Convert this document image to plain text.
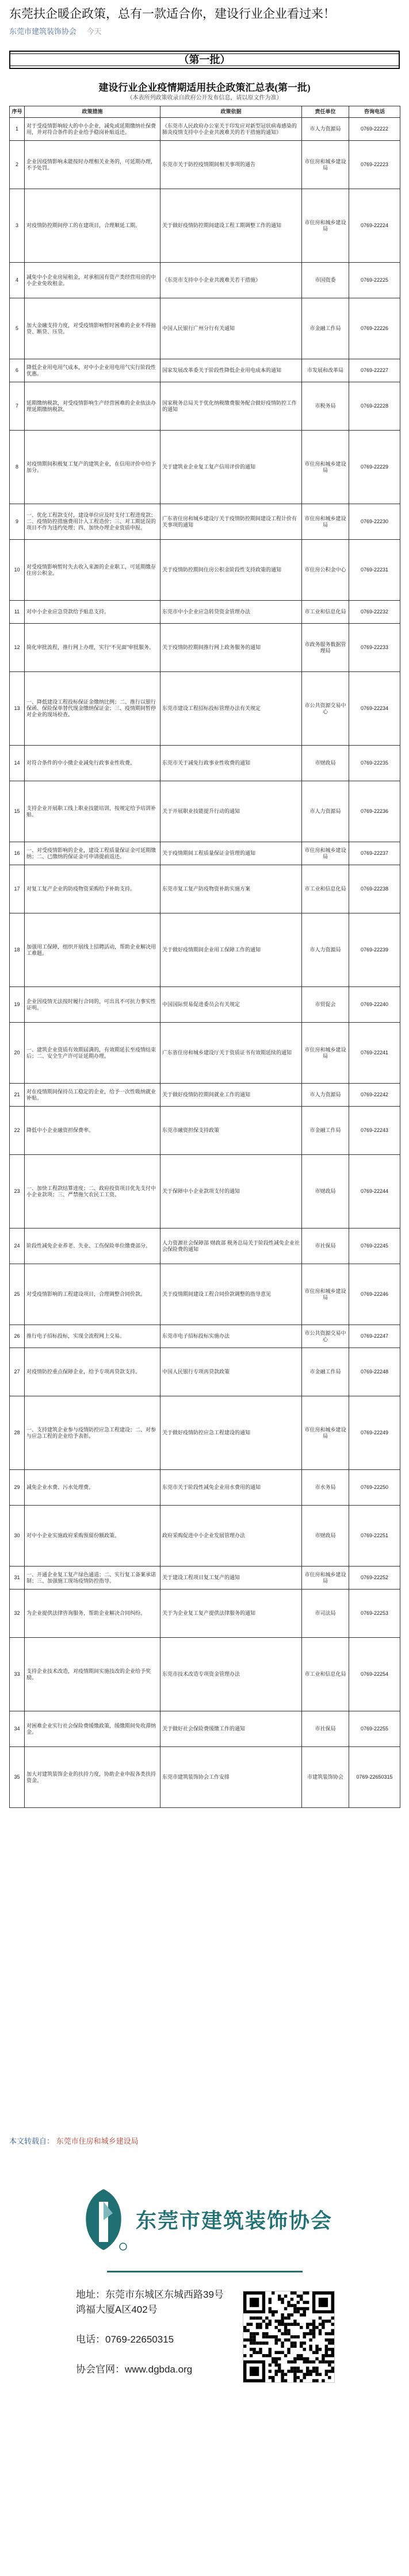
东莞扶企暖企政策，总有一款适合你，建设行业企业看过来！
东莞市建筑装饰协会 今天
（第一批）
建设行业企业疫情期适用扶企政策汇总表(第一批)
（本表所列政策收录自政府公开发布信息，请以原文件为准）
序号	政策措施	政策依据	责任单位	咨询电话
1	对于受疫情影响较大的中小企业，减免或延期缴纳社保费用，并对符合条件的企业给予稳岗补贴返还。	《东莞市人民政府办公室关于印发应对新型冠状病毒感染的肺炎疫情支持中小企业共渡难关的若干措施的通知》	市人力资源局	0769-22222
2	企业因疫情影响未能按时办理相关业务的，可延期办理，不予处罚。	东莞市关于防控疫情期间相关事项的通告	市住房和城乡建设局	0769-22223
3	对疫情防控期间停工的在建项目，合理顺延工期。	关于做好疫情防控期间建设工程工期调整工作的通知	市住房和城乡建设局	0769-22224
4	减免中小企业房屋租金，对承租国有资产类经营用房的中小企业免收租金。	《东莞市支持中小企业共渡难关若干措施》	市国资委	0769-22225
5	加大金融支持力度，对受疫情影响暂时困难的企业不得抽贷、断贷、压贷。	中国人民银行广州分行有关通知	市金融工作局	0769-22226
6	降低企业用电用气成本，对中小企业用电用气实行阶段性优惠。	国家发展改革委关于阶段性降低企业用电成本的通知	市发展和改革局	0769-22227
7	延期缴纳税款，对受疫情影响生产经营困难的企业依法办理延期缴纳税款。	国家税务总局关于优化纳税缴费服务配合做好疫情防控工作的通知	市税务局	0769-22228
8	对疫情期间积极复工复产的建筑企业，在信用评价中给予加分。	关于建筑业企业复工复产信用评价的通知	市住房和城乡建设局	0769-22229
9	一、优化工程款支付，建设单位应及时支付工程进度款；二、疫情防控措施费用计入工程造价；三、对工期延误的项目不作为违约处理；四、加快办理企业资质申报。	广东省住房和城乡建设厅关于疫情防控期间建设工程计价有关事项的通知	市住房和城乡建设局	0769-22230
10	对受疫情影响暂时失去收入来源的企业职工，可延期缴存住房公积金。	关于疫情防控期间住房公积金阶段性支持政策的通知	市住房公积金中心	0769-22231
11	对中小企业应急贷款给予贴息支持。	东莞市中小企业应急转贷资金管理办法	市工业和信息化局	0769-22232
12	简化审批流程，推行网上办理，实行“不见面”审批服务。	关于疫情防控期间推行网上政务服务的通知	市政务服务数据管理局	0769-22233
13	一、降低建设工程投标保证金缴纳比例；二、推行以银行保函、保险保单替代现金缴纳保证金；三、疫情期间暂停对企业的现场检查。	东莞市建设工程招标投标管理办法有关规定	市公共资源交易中心	0769-22234
14	对符合条件的中小微企业减免行政事业性收费。	东莞市关于减免行政事业性收费的通知	市财政局	0769-22235
15	支持企业开展职工线上职业技能培训，按规定给予培训补贴。	关于开展职业技能提升行动的通知	市人力资源局	0769-22236
16	一、对受疫情影响的企业，建设工程质量保证金可延期缴纳；二、已缴纳的保证金可申请提前返还。	关于疫情期间工程质量保证金管理的通知	市住房和城乡建设局	0769-22237
17	对复工复产企业的防疫物资采购给予补助支持。	东莞市复工复产防疫物资补助实施方案	市工业和信息化局	0769-22238
18	加强用工保障，组织开展线上招聘活动，帮助企业解决用工难题。	关于做好疫情期间企业用工保障工作的通知	市人力资源局	0769-22239
19	企业因疫情无法按时履行合同的，可出具不可抗力事实性证明。	中国国际贸易促进委员会有关规定	市贸促会	0769-22240
20	一、建筑企业资质有效期届满的，有效期延长至疫情结束后；二、安全生产许可证延期办理。	广东省住房和城乡建设厅关于资质证书有效期延续的通知	市住房和城乡建设局	0769-22241
21	对在疫情期间保持员工稳定的企业，给予一次性吸纳就业补贴。	关于做好疫情防控期间就业工作的通知	市人力资源局	0769-22242
22	降低中小企业融资担保费率。	东莞市融资担保支持政策	市金融工作局	0769-22243
23	一、加快工程款结算进度；二、政府投资项目优先支付中小企业款项；三、严禁拖欠农民工工资。	关于保障中小企业款项支付的通知	市财政局	0769-22244
24	阶段性减免企业养老、失业、工伤保险单位缴费部分。	人力资源社会保障部 财政部 税务总局关于阶段性减免企业社会保险费的通知	市社保局	0769-22245
25	对受疫情影响的工程建设项目，合理调整合同价款。	关于疫情期间建设工程合同价款调整的指导意见	市住房和城乡建设局	0769-22246
26	推行电子招标投标，实现全流程网上交易。	东莞市电子招标投标实施办法	市公共资源交易中心	0769-22247
27	对疫情防控重点保障企业，给予专项再贷款支持。	中国人民银行专项再贷款政策	市金融工作局	0769-22248
28	一、支持建筑企业参与疫情防控应急工程建设；二、对参与应急工程的企业给予表彰。	关于做好疫情防控应急工程建设的通知	市住房和城乡建设局	0769-22249
29	减免企业水费、污水处理费。	东莞市关于阶段性减免企业用水费用的通知	市水务局	0769-22250
30	对中小企业实施政府采购预留份额政策。	政府采购促进中小企业发展管理办法	市财政局	0769-22251
31	一、开通企业复工复产绿色通道；二、实行复工备案承诺制；三、加强施工现场疫情防控指导。	关于建设工程项目复工复产的通知	市住房和城乡建设局	0769-22252
32	为企业提供法律咨询服务，帮助企业解决合同纠纷。	关于为企业复工复产提供法律服务的通知	市司法局	0769-22253
33	支持企业技术改造，对疫情期间实施技改的企业给予奖励。	东莞市技术改造专项资金管理办法	市工业和信息化局	0769-22254
34	对困难企业实行社会保险费缓缴政策，缓缴期间免收滞纳金。	关于做好社会保险费缓缴工作的通知	市社保局	0769-22255
35	加大对建筑装饰企业的扶持力度，协助企业申报各类扶持资金。	东莞市建筑装饰协会工作安排	市建筑装饰协会	0769-22650315
本文转载自： 东莞市住房和城乡建设局
东莞市建筑装饰协会
地址：东莞市东城区东城西路39号鸿福大厦A区402号
电话：0769-22650315
协会官网：www.dgbda.org
